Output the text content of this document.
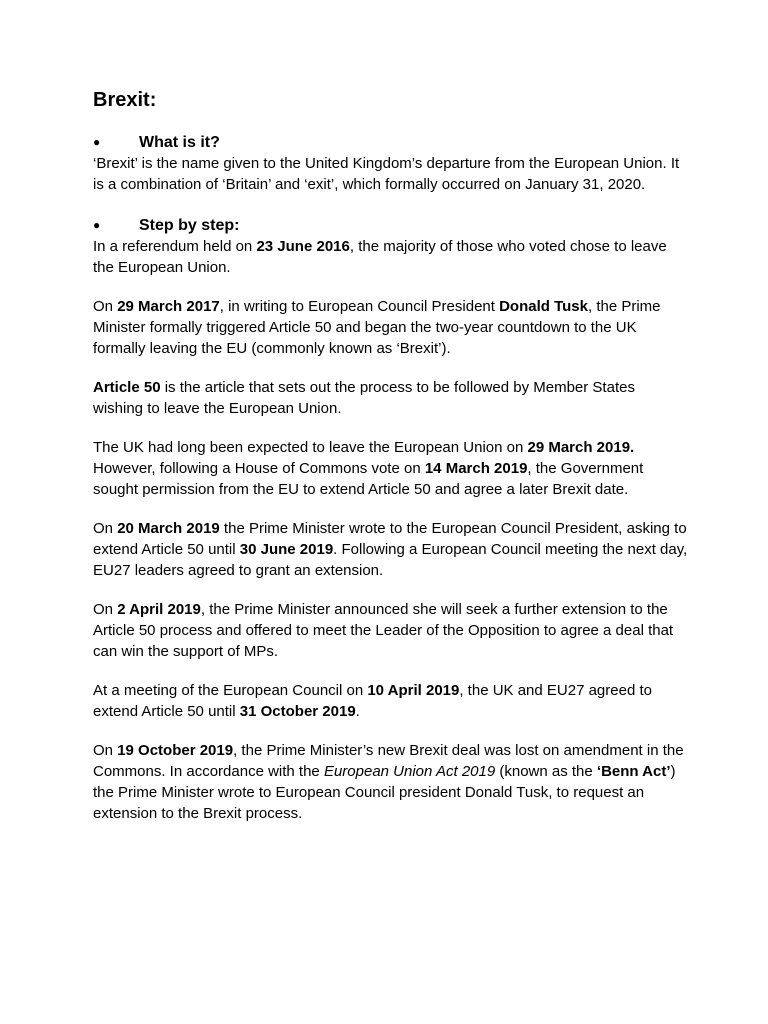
Brexit:
● What is it?

‘Brexit’ is the name given to the United Kingdom’s departure from the European Union. It is a combination of ‘Britain’ and ‘exit’, which formally occurred on January 31, 2020.

● Step by step:

In a referendum held on 23 June 2016, the majority of those who voted chose to leave the European Union.

On 29 March 2017, in writing to European Council President Donald Tusk, the Prime Minister formally triggered Article 50 and began the two-year countdown to the UK formally leaving the EU (commonly known as ‘Brexit’).

Article 50 is the article that sets out the process to be followed by Member States wishing to leave the European Union.

The UK had long been expected to leave the European Union on 29 March 2019. However, following a House of Commons vote on 14 March 2019, the Government sought permission from the EU to extend Article 50 and agree a later Brexit date.

On 20 March 2019 the Prime Minister wrote to the European Council President, asking to extend Article 50 until 30 June 2019. Following a European Council meeting the next day, EU27 leaders agreed to grant an extension.

On 2 April 2019, the Prime Minister announced she will seek a further extension to the Article 50 process and offered to meet the Leader of the Opposition to agree a deal that can win the support of MPs.

At a meeting of the European Council on 10 April 2019, the UK and EU27 agreed to extend Article 50 until 31 October 2019.

On 19 October 2019, the Prime Minister’s new Brexit deal was lost on amendment in the Commons. In accordance with the European Union Act 2019 (known as the ‘Benn Act’) the Prime Minister wrote to European Council president Donald Tusk, to request an extension to the Brexit process.
